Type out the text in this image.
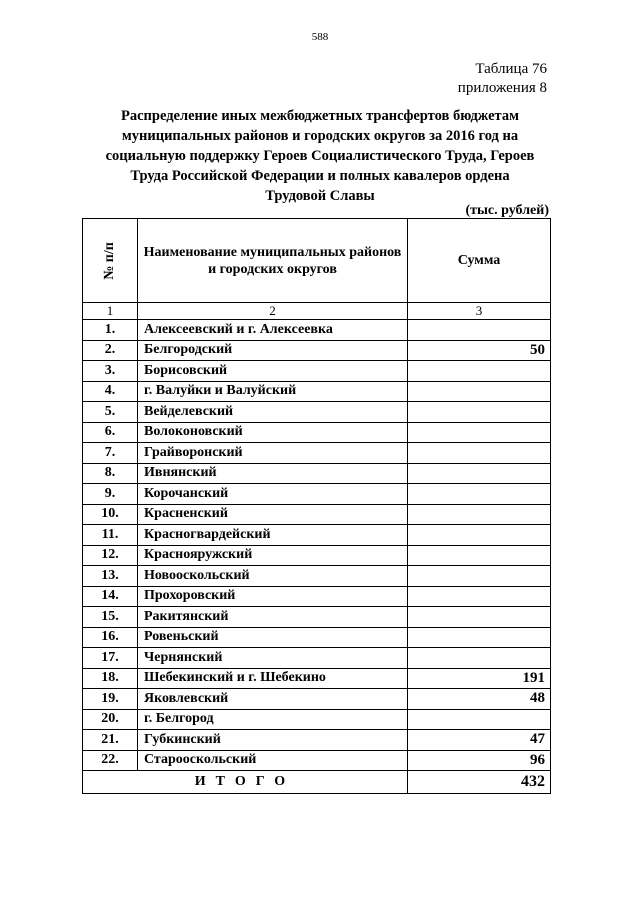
588
Таблица 76
приложения 8
Распределение иных межбюджетных трансфертов бюджетам
муниципальных районов и городских округов за 2016 год на
социальную поддержку Героев Социалистического Труда, Героев
Труда Российской Федерации и полных кавалеров ордена
Трудовой Славы
(тыс. рублей)
№ п/п	Наименование муниципальных районов и городских округов
Сумма
1	2	3
1.	Алексеевский и г. Алексеевка
2.	Белгородский	50
3.	Борисовский
4.	г. Валуйки и Валуйский
5.	Вейделевский
6.	Волоконовский
7.	Грайворонский
8.	Ивнянский
9.	Корочанский
10.	Красненский
11.	Красногвардейский
12.	Краснояружский
13.	Новооскольский
14.	Прохоровский
15.	Ракитянский
16.	Ровеньский
17.	Чернянский
18.	Шебекинский и г. Шебекино	191
19.	Яковлевский	48
20.	г. Белгород
21.	Губкинский	47
22.	Старооскольский	96
ИТОГО	432
